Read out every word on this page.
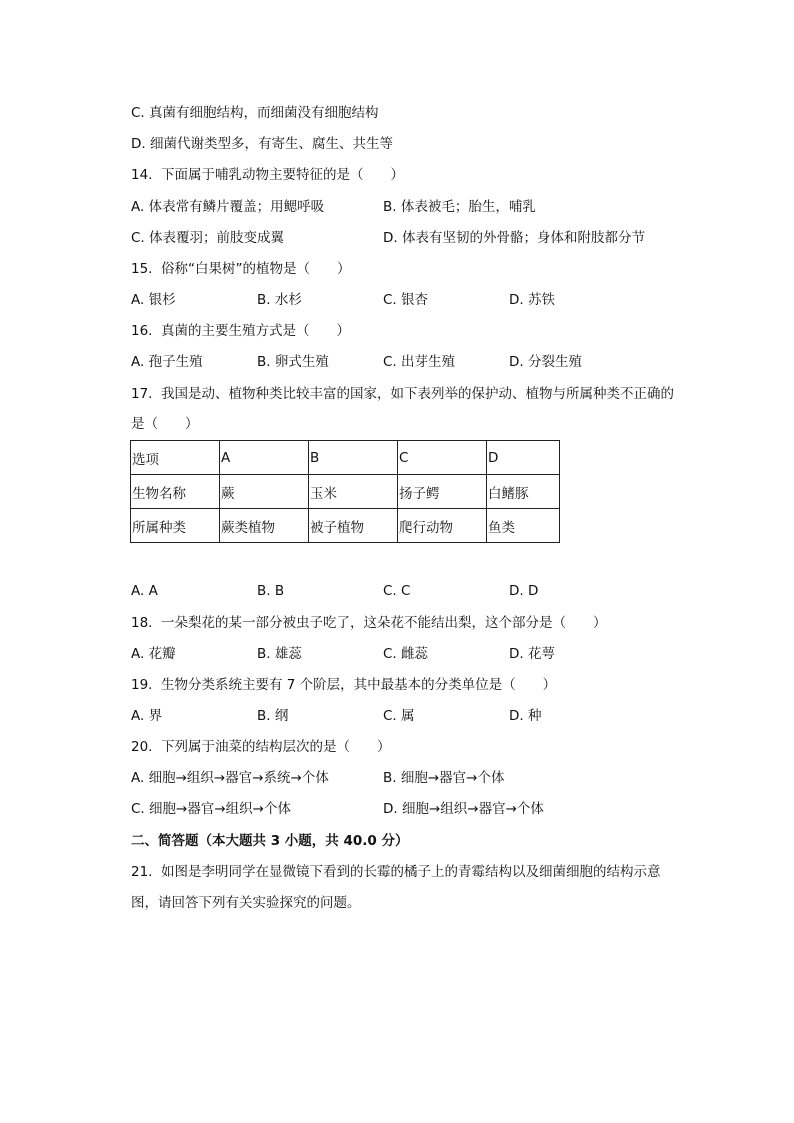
C. 真菌有细胞结构，而细菌没有细胞结构
D. 细菌代谢类型多，有寄生、腐生、共生等
14. 下面属于哺乳动物主要特征的是（　　）
A. 体表常有鳞片覆盖；用鳃呼吸	B. 体表被毛；胎生，哺乳
C. 体表覆羽；前肢变成翼	D. 体表有坚韧的外骨骼；身体和附肢都分节
15. 俗称“白果树”的植物是（　　）
A. 银杉	B. 水杉	C. 银杏	D. 苏铁
16. 真菌的主要生殖方式是（　　）
A. 孢子生殖	B. 卵式生殖	C. 出芽生殖	D. 分裂生殖
17. 我国是动、植物种类比较丰富的国家，如下表列举的保护动、植物与所属种类不正确的
是（　　）
选项	A	B	C	D
生物名称	蕨	玉米	扬子鳄	白鳍豚
所属种类	蕨类植物	被子植物	爬行动物	鱼类
A. A	B. B	C. C	D. D
18. 一朵梨花的某一部分被虫子吃了，这朵花不能结出梨，这个部分是（　　）
A. 花瓣	B. 雄蕊	C. 雌蕊	D. 花萼
19. 生物分类系统主要有 7 个阶层，其中最基本的分类单位是（　　）
A. 界	B. 纲	C. 属	D. 种
20. 下列属于油菜的结构层次的是（　　）
A. 细胞→组织→器官→系统→个体	B. 细胞→器官→个体
C. 细胞→器官→组织→个体	D. 细胞→组织→器官→个体
二、简答题（本大题共 3 小题，共 40.0 分）
21. 如图是李明同学在显微镜下看到的长霉的橘子上的青霉结构以及细菌细胞的结构示意
图，请回答下列有关实验探究的问题。
